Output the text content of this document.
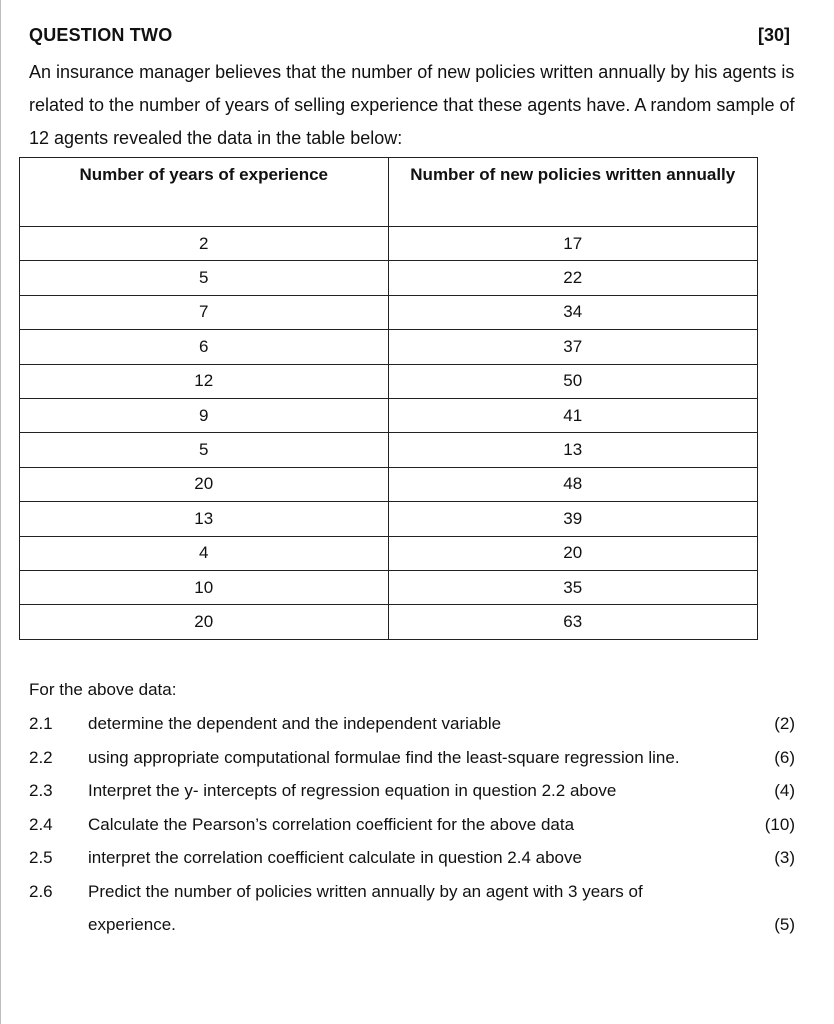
QUESTION TWO	[30]

An insurance manager believes that the number of new policies written annually by his agents is related to the number of years of selling experience that these agents have. A random sample of 12 agents revealed the data in the table below:

Number of years of experience	Number of new policies written annually
2	17
5	22
7	34
6	37
12	50
9	41
5	13
20	48
13	39
4	20
10	35
20	63
For the above data:
2.1 determine the dependent and the independent variable	(2)
2.2 using appropriate computational formulae find the least-square regression line.	(6)
2.3 Interpret the y- intercepts of regression equation in question 2.2 above	(4)
2.4 Calculate the Pearson’s correlation coefficient for the above data	(10)
2.5 interpret the correlation coefficient calculate in question 2.4 above	(3)
2.6 Predict the number of policies written annually by an agent with 3 years of experience.	(5)
